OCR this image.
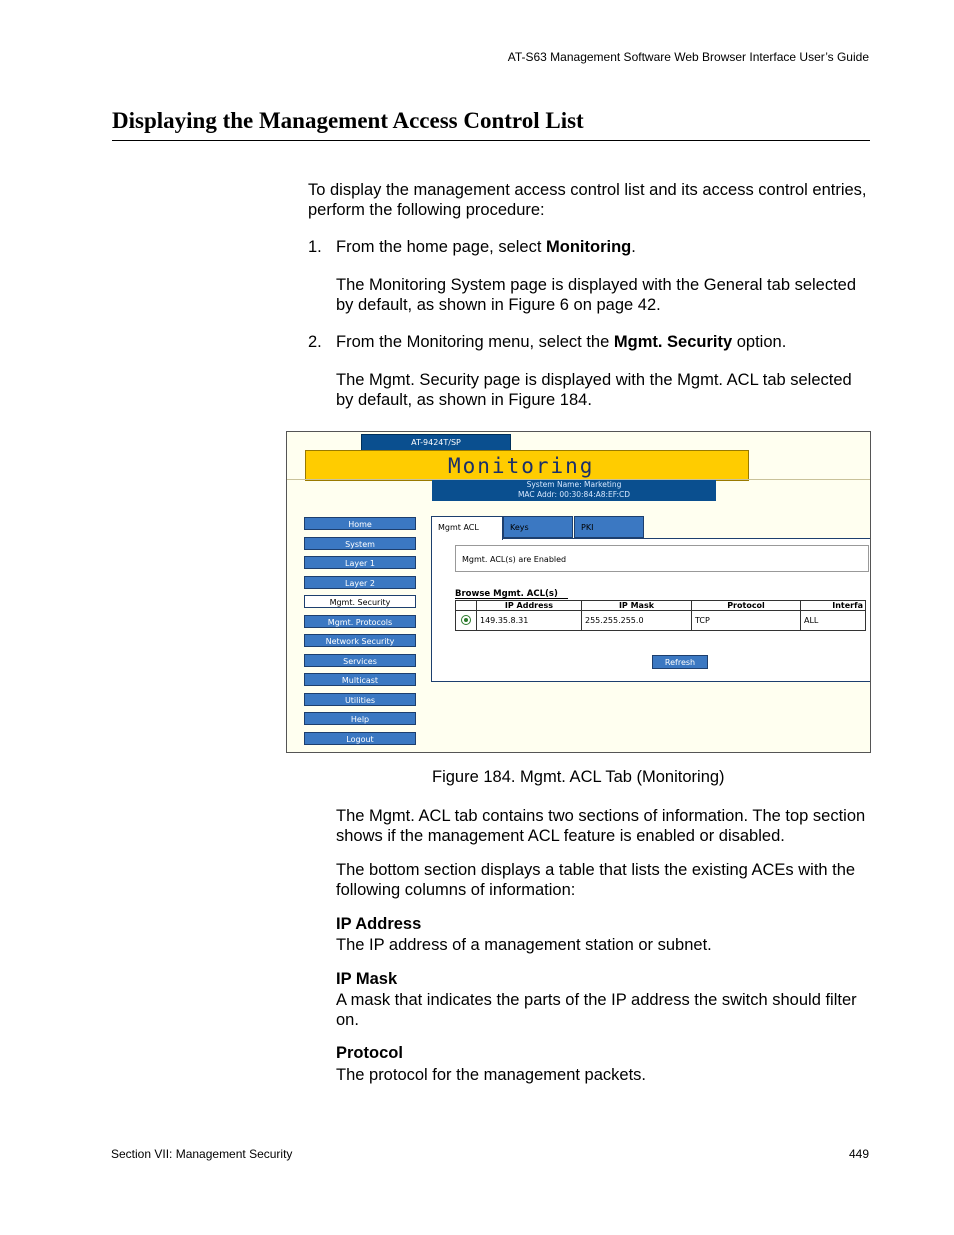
AT-S63 Management Software Web Browser Interface User’s Guide
Displaying the Management Access Control List
To display the management access control list and its access control entries, perform the following procedure:
1. From the home page, select Monitoring.
The Monitoring System page is displayed with the General tab selected by default, as shown in Figure 6 on page 42.
2. From the Monitoring menu, select the Mgmt. Security option.
The Mgmt. Security page is displayed with the Mgmt. ACL tab selected by default, as shown in Figure 184.
AT-9424T/SP
Monitoring
System Name: Marketing
MAC Addr: 00:30:84:A8:EF:CD
Home
System
Layer 1
Layer 2
Mgmt. Security
Mgmt. Protocols
Network Security
Services
Multicast
Utilities
Help
Logout
Keys	PKI
Mgmt ACL
Mgmt. ACL(s) are Enabled
Browse Mgmt. ACL(s)
	IP Address	IP Mask	Protocol	Interfa
	149.35.8.31	255.255.255.0	TCP	ALL
Refresh
Figure 184. Mgmt. ACL Tab (Monitoring)
The Mgmt. ACL tab contains two sections of information. The top section shows if the management ACL feature is enabled or disabled.
The bottom section displays a table that lists the existing ACEs with the following columns of information:
IP Address
The IP address of a management station or subnet.
IP Mask
A mask that indicates the parts of the IP address the switch should filter on.
Protocol
The protocol for the management packets.
Section VII: Management Security	449
